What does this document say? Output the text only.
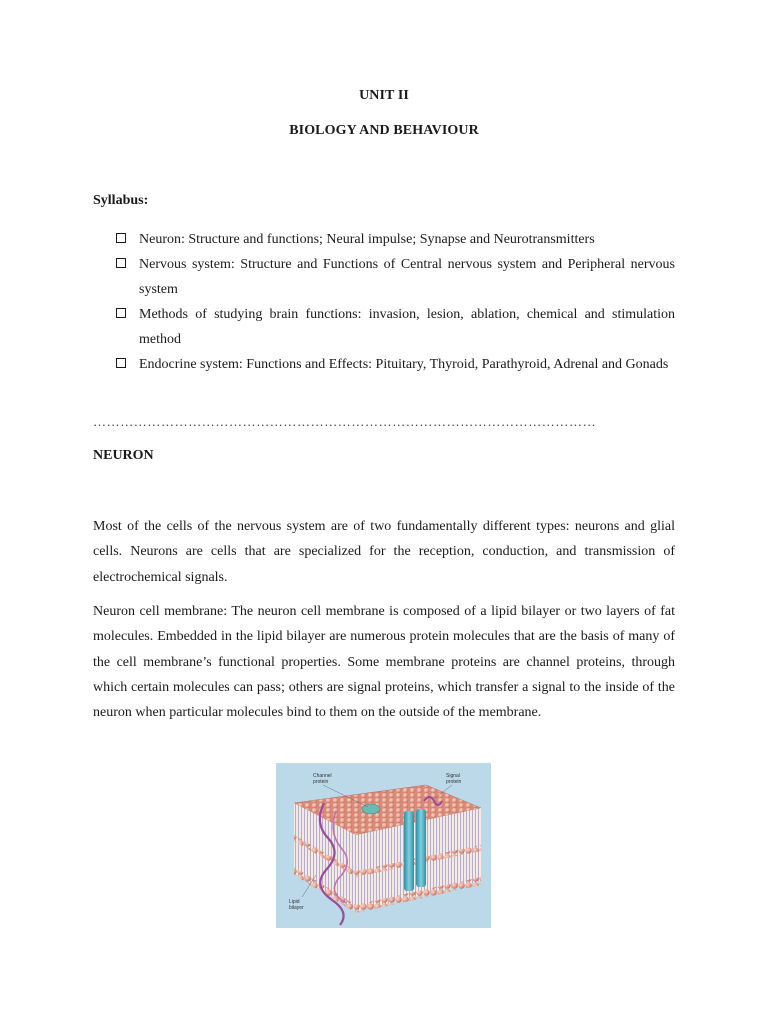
UNIT II
BIOLOGY AND BEHAVIOUR
Syllabus:
Neuron: Structure and functions; Neural impulse; Synapse and Neurotransmitters
Nervous system: Structure and Functions of Central nervous system and Peripheral nervous system
Methods of studying brain functions: invasion, lesion, ablation, chemical and stimulation method
Endocrine system: Functions and Effects: Pituitary, Thyroid, Parathyroid, Adrenal and Gonads
…………………………………………………………………………………………………
NEURON

Most of the cells of the nervous system are of two fundamentally different types: neurons and glial cells. Neurons are cells that are specialized for the reception, conduction, and transmission of electrochemical signals.

Neuron cell membrane: The neuron cell membrane is composed of a lipid bilayer or two layers of fat molecules. Embedded in the lipid bilayer are numerous protein molecules that are the basis of many of the cell membrane’s functional properties. Some membrane proteins are channel proteins, through which certain molecules can pass; others are signal proteins, which transfer a signal to the inside of the neuron when particular molecules bind to them on the outside of the membrane.

Channel protein
Signal protein
Lipid bilayer
